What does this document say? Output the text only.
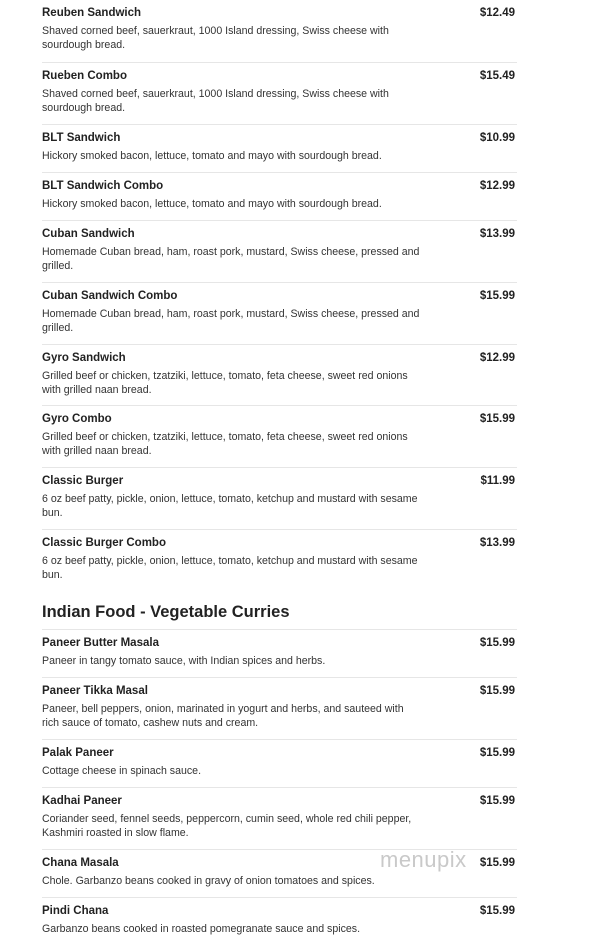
Reuben Sandwich	$12.49
Shaved corned beef, sauerkraut, 1000 Island dressing, Swiss cheese with sourdough bread.
Rueben Combo	$15.49
Shaved corned beef, sauerkraut, 1000 Island dressing, Swiss cheese with sourdough bread.
BLT Sandwich	$10.99
Hickory smoked bacon, lettuce, tomato and mayo with sourdough bread.
BLT Sandwich Combo	$12.99
Hickory smoked bacon, lettuce, tomato and mayo with sourdough bread.
Cuban Sandwich	$13.99
Homemade Cuban bread, ham, roast pork, mustard, Swiss cheese, pressed and grilled.
Cuban Sandwich Combo	$15.99
Homemade Cuban bread, ham, roast pork, mustard, Swiss cheese, pressed and grilled.
Gyro Sandwich	$12.99
Grilled beef or chicken, tzatziki, lettuce, tomato, feta cheese, sweet red onions with grilled naan bread.
Gyro Combo	$15.99
Grilled beef or chicken, tzatziki, lettuce, tomato, feta cheese, sweet red onions with grilled naan bread.
Classic Burger	$11.99
6 oz beef patty, pickle, onion, lettuce, tomato, ketchup and mustard with sesame bun.
Classic Burger Combo	$13.99
6 oz beef patty, pickle, onion, lettuce, tomato, ketchup and mustard with sesame bun.
Indian Food - Vegetable Curries
Paneer Butter Masala	$15.99
Paneer in tangy tomato sauce, with Indian spices and herbs.
Paneer Tikka Masal	$15.99
Paneer, bell peppers, onion, marinated in yogurt and herbs, and sauteed with rich sauce of tomato, cashew nuts and cream.
Palak Paneer	$15.99
Cottage cheese in spinach sauce.
Kadhai Paneer	$15.99
Coriander seed, fennel seeds, peppercorn, cumin seed, whole red chili pepper, Kashmiri roasted in slow flame.
Chana Masala	$15.99
Chole. Garbanzo beans cooked in gravy of onion tomatoes and spices.
Pindi Chana	$15.99
Garbanzo beans cooked in roasted pomegranate sauce and spices.
menupix
